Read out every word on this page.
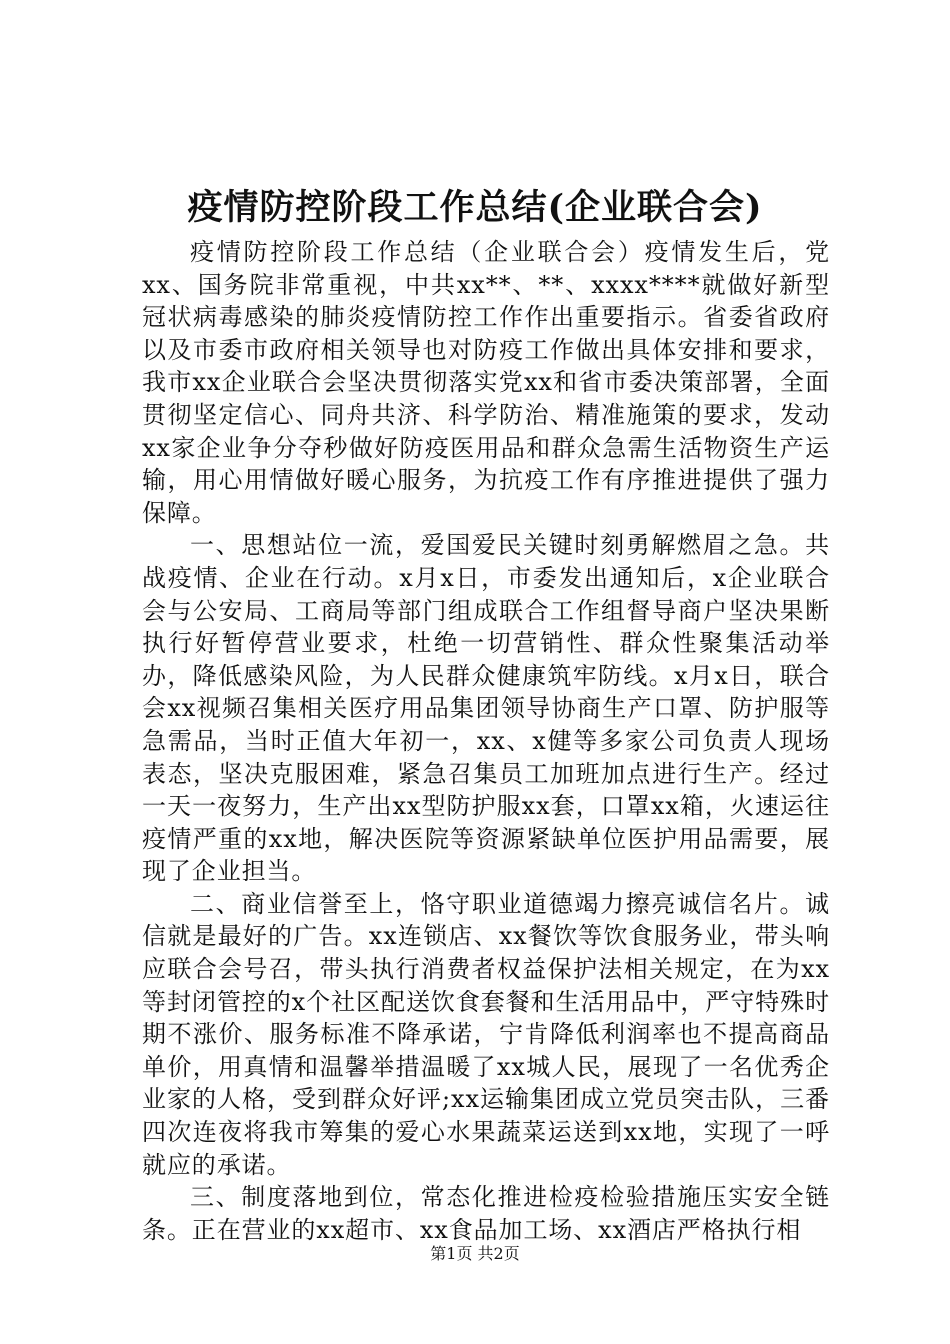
疫情防控阶段工作总结(企业联合会)

疫情防控阶段工作总结（企业联合会）疫情发生后，党xx、国务院非常重视，中共xx**、**、xxxx****就做好新型冠状病毒感染的肺炎疫情防控工作作出重要指示。省委省政府以及市委市政府相关领导也对防疫工作做出具体安排和要求，我市xx企业联合会坚决贯彻落实党xx和省市委决策部署，全面贯彻坚定信心、同舟共济、科学防治、精准施策的要求，发动xx家企业争分夺秒做好防疫医用品和群众急需生活物资生产运输，用心用情做好暖心服务，为抗疫工作有序推进提供了强力保障。

一、思想站位一流，爱国爱民关键时刻勇解燃眉之急。共战疫情、企业在行动。x月x日，市委发出通知后，x企业联合会与公安局、工商局等部门组成联合工作组督导商户坚决果断执行好暂停营业要求，杜绝一切营销性、群众性聚集活动举办，降低感染风险，为人民群众健康筑牢防线。x月x日，联合会xx视频召集相关医疗用品集团领导协商生产口罩、防护服等急需品，当时正值大年初一，xx、x健等多家公司负责人现场表态，坚决克服困难，紧急召集员工加班加点进行生产。经过一天一夜努力，生产出xx型防护服xx套，口罩xx箱，火速运往疫情严重的xx地，解决医院等资源紧缺单位医护用品需要，展现了企业担当。

二、商业信誉至上，恪守职业道德竭力擦亮诚信名片。诚信就是最好的广告。xx连锁店、xx餐饮等饮食服务业，带头响应联合会号召，带头执行消费者权益保护法相关规定，在为xx等封闭管控的x个社区配送饮食套餐和生活用品中，严守特殊时期不涨价、服务标准不降承诺，宁肯降低利润率也不提高商品单价，用真情和温馨举措温暖了xx城人民，展现了一名优秀企业家的人格，受到群众好评;xx运输集团成立党员突击队，三番四次连夜将我市筹集的爱心水果蔬菜运送到xx地，实现了一呼就应的承诺。

三、制度落地到位，常态化推进检疫检验措施压实安全链条。正在营业的xx超市、xx食品加工场、xx酒店严格执行相

第1页 共2页
